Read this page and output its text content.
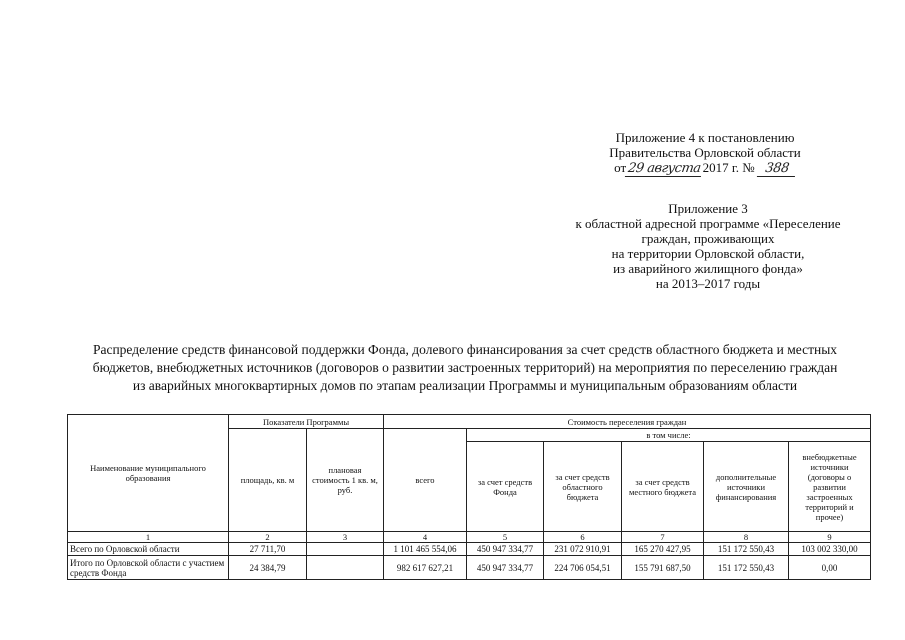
Приложение 4 к постановлению
Правительства Орловской области
от 29 августа 2017 г. №
388
Приложение 3
к областной адресной программе «Переселение
граждан, проживающих
на территории Орловской области,
из аварийного жилищного фонда»
на 2013–2017 годы
Распределение средств финансовой поддержки Фонда, долевого финансирования за счет средств областного бюджета и местных
бюджетов, внебюджетных источников (договоров о развитии застроенных территорий) на мероприятия по переселению граждан
из аварийных многоквартирных домов по этапам реализации Программы и муниципальным образованиям области
Наименование муниципального образования	Показатели Программы		Стоимость переселения граждан					
	площадь, кв. м	плановая стоимость 1 кв. м, руб.	всего	в том числе:				
				за счет средств Фонда	за счет средств областного бюджета	за счет средств местного бюджета	дополнительные источники финансирования	внебюджетные источники (договоры о развитии застроенных территорий и прочее)
1	2	3	4	5	6	7	8	9
Всего по Орловской области	27 711,70		1 101 465 554,06	450 947 334,77	231 072 910,91	165 270 427,95	151 172 550,43	103 002 330,00
Итого по Орловской области с участием средств Фонда	24 384,79		982 617 627,21	450 947 334,77	224 706 054,51	155 791 687,50	151 172 550,43	0,00
